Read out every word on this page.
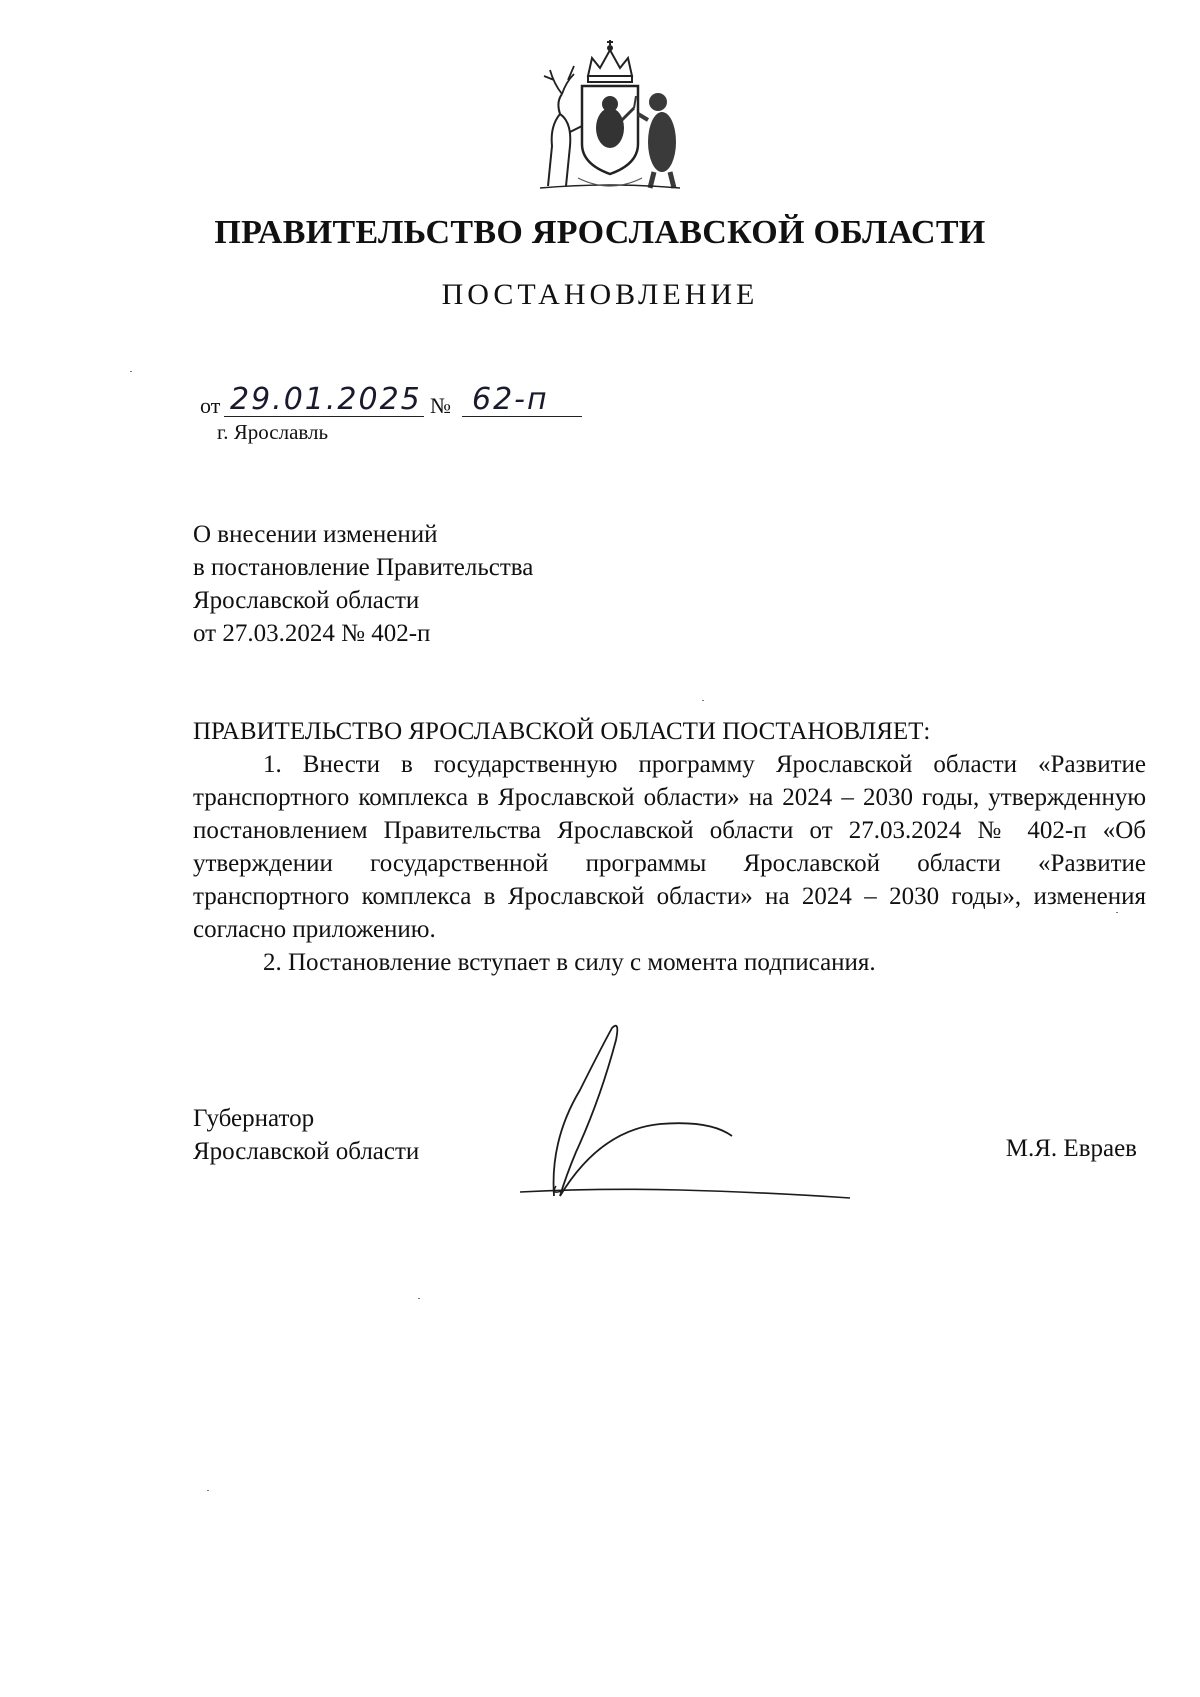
ПРАВИТЕЛЬСТВО ЯРОСЛАВСКОЙ ОБЛАСТИ
ПОСТАНОВЛЕНИЕ
от 29.01.2025 № 62-п
г. Ярославль
О внесении изменений
в постановление Правительства
Ярославской области
от 27.03.2024 № 402-п
ПРАВИТЕЛЬСТВО ЯРОСЛАВСКОЙ ОБЛАСТИ ПОСТАНОВЛЯЕТ:

1. Внести в государственную программу Ярославской области «Развитие транспортного комплекса в Ярославской области» на 2024 – 2030 годы, утвержденную постановлением Правительства Ярославской области от 27.03.2024 № 402-п «Об утверждении государственной программы Ярославской области «Развитие транспортного комплекса в Ярославской области» на 2024 – 2030 годы», изменения согласно приложению.

2. Постановление вступает в силу с момента подписания.

Губернатор
Ярославской области	М.Я. Евраев
